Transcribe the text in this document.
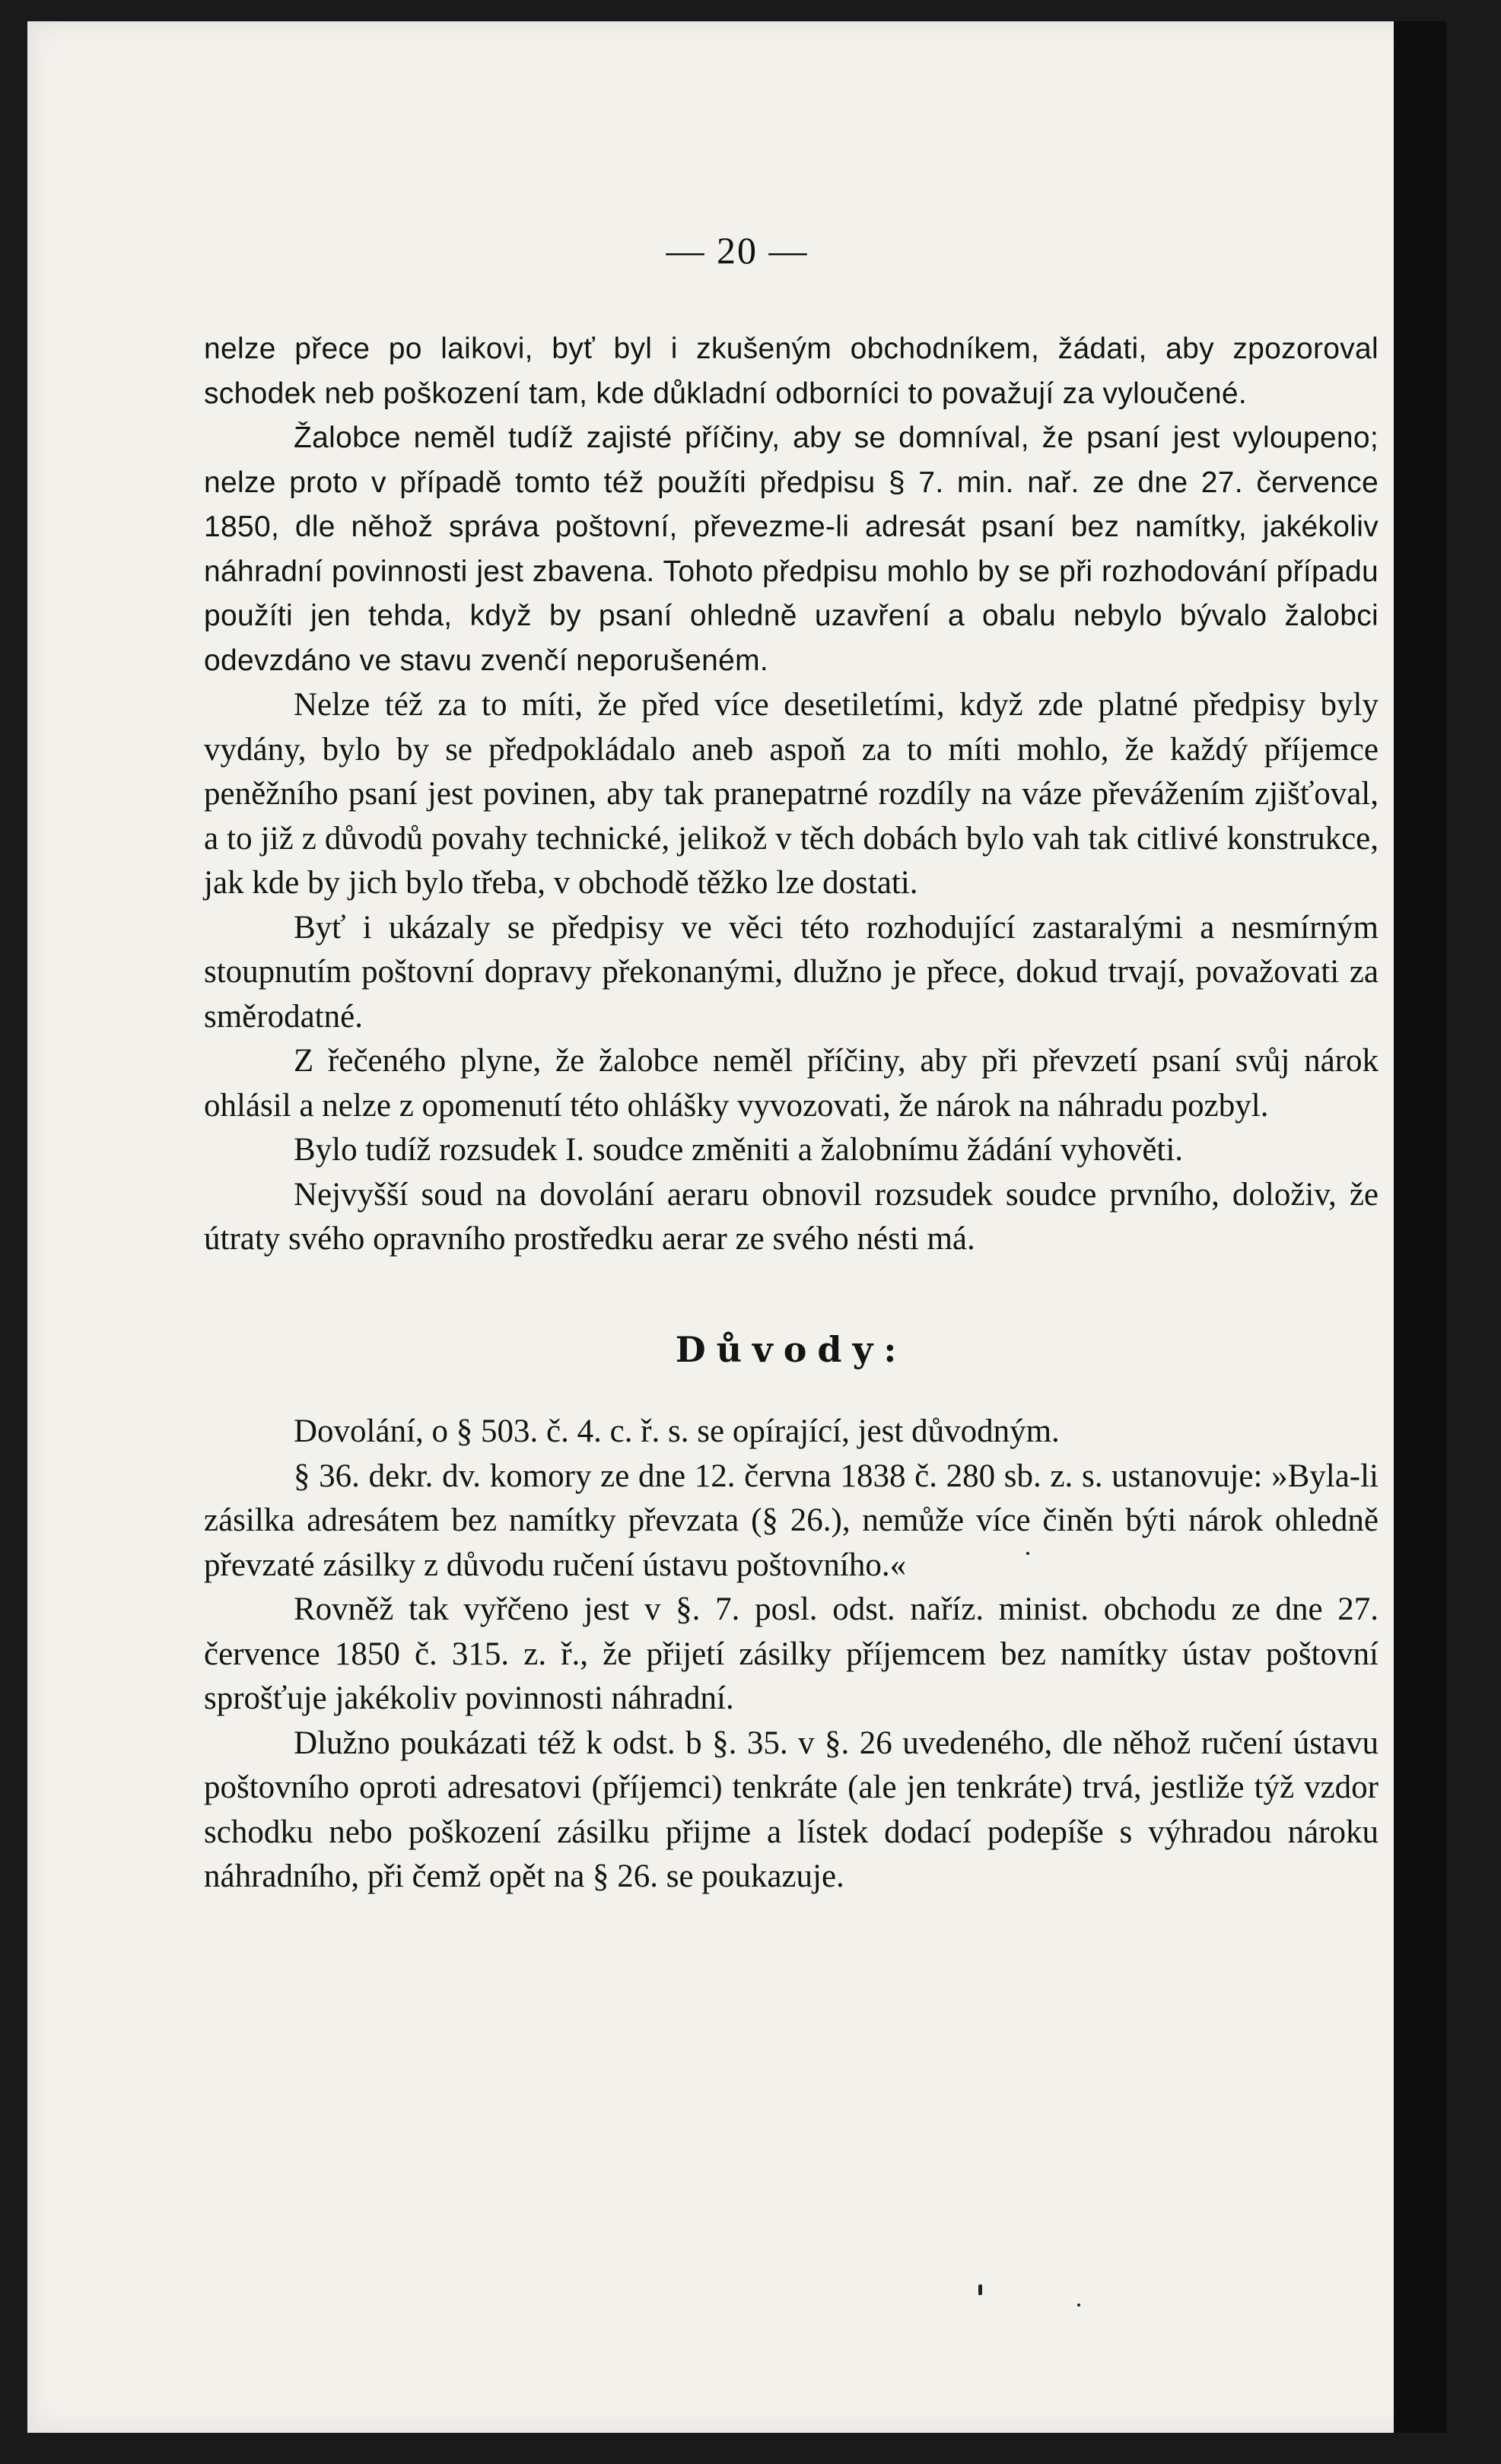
— 20 —

nelze přece po laikovi, byť byl i zkušeným obchodníkem, žádati, aby zpozoroval schodek neb poškození tam, kde důkladní odborníci to považují za vyloučené.

Žalobce neměl tudíž zajisté příčiny, aby se domníval, že psaní jest vyloupeno; nelze proto v případě tomto též použíti předpisu § 7. min. nař. ze dne 27. července 1850, dle něhož správa poštovní, převezme-li adresát psaní bez namítky, jakékoliv náhradní povinnosti jest zbavena. Tohoto předpisu mohlo by se při rozhodování případu použíti jen tehda, když by psaní ohledně uzavření a obalu nebylo bývalo žalobci odevzdáno ve stavu zvenčí neporušeném.

Nelze též za to míti, že před více desetiletími, když zde platné předpisy byly vydány, bylo by se předpokládalo aneb aspoň za to míti mohlo, že každý příjemce peněžního psaní jest povinen, aby tak pranepatrné rozdíly na váze převážením zjišťoval, a to již z důvodů povahy technické, jelikož v těch dobách bylo vah tak citlivé konstrukce, jak kde by jich bylo třeba, v obchodě těžko lze dostati.

Byť i ukázaly se předpisy ve věci této rozhodující zastaralými a nesmírným stoupnutím poštovní dopravy překonanými, dlužno je přece, dokud trvají, považovati za směrodatné.

Z řečeného plyne, že žalobce neměl příčiny, aby při převzetí psaní svůj nárok ohlásil a nelze z opomenutí této ohlášky vyvozovati, že nárok na náhradu pozbyl.

Bylo tudíž rozsudek I. soudce změniti a žalobnímu žádání vyhověti.

Nejvyšší soud na dovolání aeraru obnovil rozsudek soudce prvního, doloživ, že útraty svého opravního prostředku aerar ze svého nésti má.

Důvody:

Dovolání, o § 503. č. 4. c. ř. s. se opírající, jest důvodným.

§ 36. dekr. dv. komory ze dne 12. června 1838 č. 280 sb. z. s. ustanovuje: »Byla-li zásilka adresátem bez namítky převzata (§ 26.), nemůže více činěn býti nárok ohledně převzaté zásilky z důvodu ručení ústavu poštovního.«

Rovněž tak vyřčeno jest v §. 7. posl. odst. naříz. minist. obchodu ze dne 27. července 1850 č. 315. z. ř., že přijetí zásilky příjemcem bez namítky ústav poštovní sprošťuje jakékoliv povinnosti náhradní.

Dlužno poukázati též k odst. b §. 35. v §. 26 uvedeného, dle něhož ručení ústavu poštovního oproti adresatovi (příjemci) tenkráte (ale jen tenkráte) trvá, jestliže týž vzdor schodku nebo poškození zásilku přijme a lístek dodací podepíše s výhradou nároku náhradního, při čemž opět na § 26. se poukazuje.
